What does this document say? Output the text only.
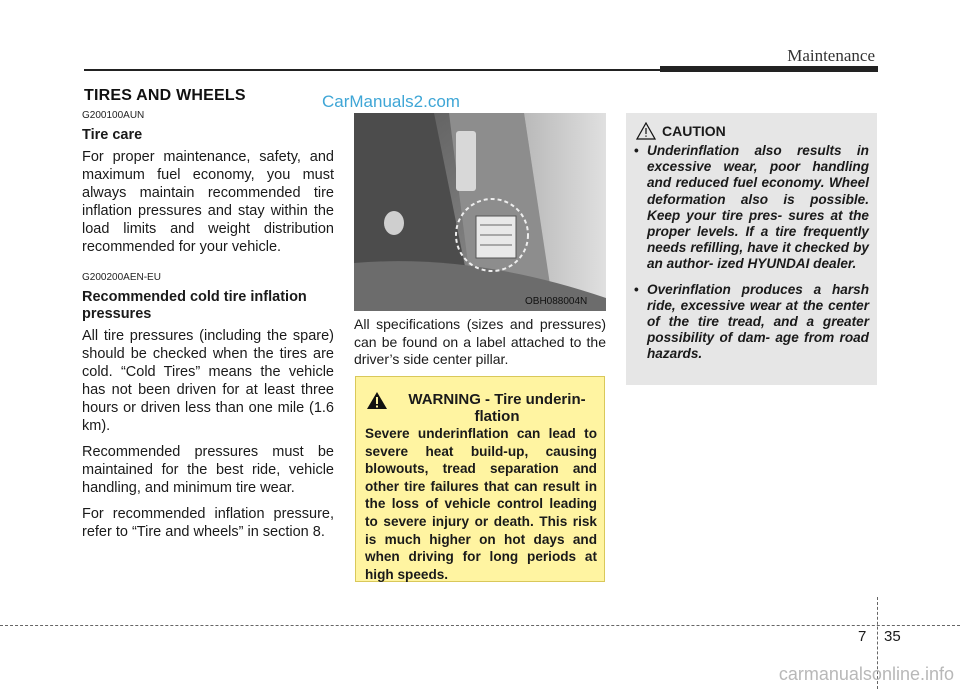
Maintenance
TIRES AND WHEELS	CarManuals2.com

G200100AUN

Tire care

For proper maintenance, safety, and maximum fuel economy, you must always maintain recommended tire inflation pressures and stay within the load limits and weight distribution recommended for your vehicle.

G200200AEN-EU

Recommended cold tire inflation pressures

All tire pressures (including the spare) should be checked when the tires are cold. “Cold Tires” means the vehicle has not been driven for at least three hours or driven less than one mile (1.6 km).

Recommended pressures must be maintained for the best ride, vehicle handling, and minimum tire wear.

For recommended inflation pressure, refer to “Tire and wheels” in section 8.

OBH088004N
All specifications (sizes and pressures) can be found on a label attached to the driver’s side center pillar.
WARNING - Tire underin- flation
Severe underinflation can lead to severe heat build-up, causing blowouts, tread separation and other tire failures that can result in the loss of vehicle control leading to severe injury or death. This risk is much higher on hot days and when driving for long periods at high speeds.
CAUTION
• Underinflation also results in excessive wear, poor handling and reduced fuel economy. Wheel deformation also is possible. Keep your tire pres- sures at the proper levels. If a tire frequently needs refilling, have it checked by an author- ized HYUNDAI dealer.
• Overinflation produces a harsh ride, excessive wear at the center of the tire tread, and a greater possibility of dam- age from road hazards.
7 35
carmanualsonline.info
